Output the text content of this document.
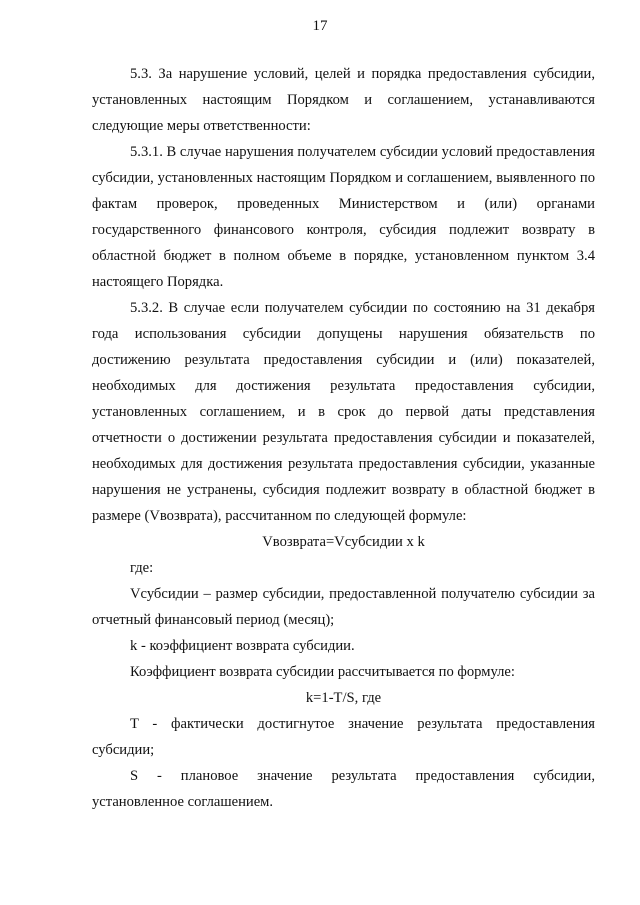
17

5.3. За нарушение условий, целей и порядка предоставления субсидии, установленных настоящим Порядком и соглашением, устанавливаются следующие меры ответственности:

5.3.1. В случае нарушения получателем субсидии условий предоставления субсидии, установленных настоящим Порядком и соглашением, выявленного по фактам проверок, проведенных Министерством и (или) органами государственного финансового контроля, субсидия подлежит возврату в областной бюджет в полном объеме в порядке, установленном пунктом 3.4 настоящего Порядка.

5.3.2. В случае если получателем субсидии по состоянию на 31 декабря года использования субсидии допущены нарушения обязательств по достижению результата предоставления субсидии и (или) показателей, необходимых для достижения результата предоставления субсидии, установленных соглашением, и в срок до первой даты представления отчетности о достижении результата предоставления субсидии и показателей, необходимых для достижения результата предоставления субсидии, указанные нарушения не устранены, субсидия подлежит возврату в областной бюджет в размере (Vвозврата), рассчитанном по следующей формуле:

Vвозврата=Vсубсидии x k

где:

Vсубсидии – размер субсидии, предоставленной получателю субсидии за отчетный финансовый период (месяц);

k - коэффициент возврата субсидии.

Коэффициент возврата субсидии рассчитывается по формуле:

k=1-T/S, где

T - фактически достигнутое значение результата предоставления субсидии;

S - плановое значение результата предоставления субсидии, установленное соглашением.
